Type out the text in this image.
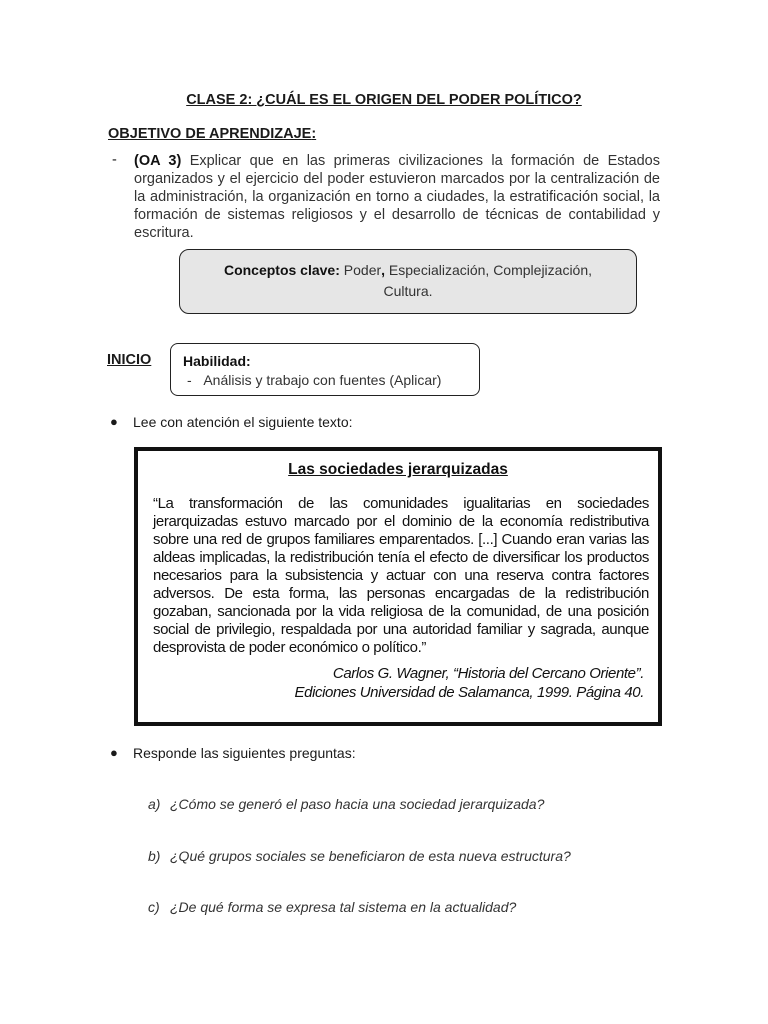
CLASE 2: ¿CUÁL ES EL ORIGEN DEL PODER POLÍTICO?
OBJETIVO DE APRENDIZAJE:
- (OA 3) Explicar que en las primeras civilizaciones la formación de Estados organizados y el ejercicio del poder estuvieron marcados por la centralización de la administración, la organización en torno a ciudades, la estratificación social, la formación de sistemas religiosos y el desarrollo de técnicas de contabilidad y escritura.
Conceptos clave: Poder, Especialización, Complejización, Cultura.
INICIO Habilidad:
- Análisis y trabajo con fuentes (Aplicar)
● Lee con atención el siguiente texto:
Las sociedades jerarquizadas
“La transformación de las comunidades igualitarias en sociedades jerarquizadas estuvo marcado por el dominio de la economía redistributiva sobre una red de grupos familiares emparentados. [...] Cuando eran varias las aldeas implicadas, la redistribución tenía el efecto de diversificar los productos necesarios para la subsistencia y actuar con una reserva contra factores adversos. De esta forma, las personas encargadas de la redistribución gozaban, sancionada por la vida religiosa de la comunidad, de una posición social de privilegio, respaldada por una autoridad familiar y sagrada, aunque desprovista de poder económico o político.”
Carlos G. Wagner, “Historia del Cercano Oriente”.
Ediciones Universidad de Salamanca, 1999. Página 40.
● Responde las siguientes preguntas:
a) ¿Cómo se generó el paso hacia una sociedad jerarquizada?
b) ¿Qué grupos sociales se beneficiaron de esta nueva estructura?
c) ¿De qué forma se expresa tal sistema en la actualidad?
